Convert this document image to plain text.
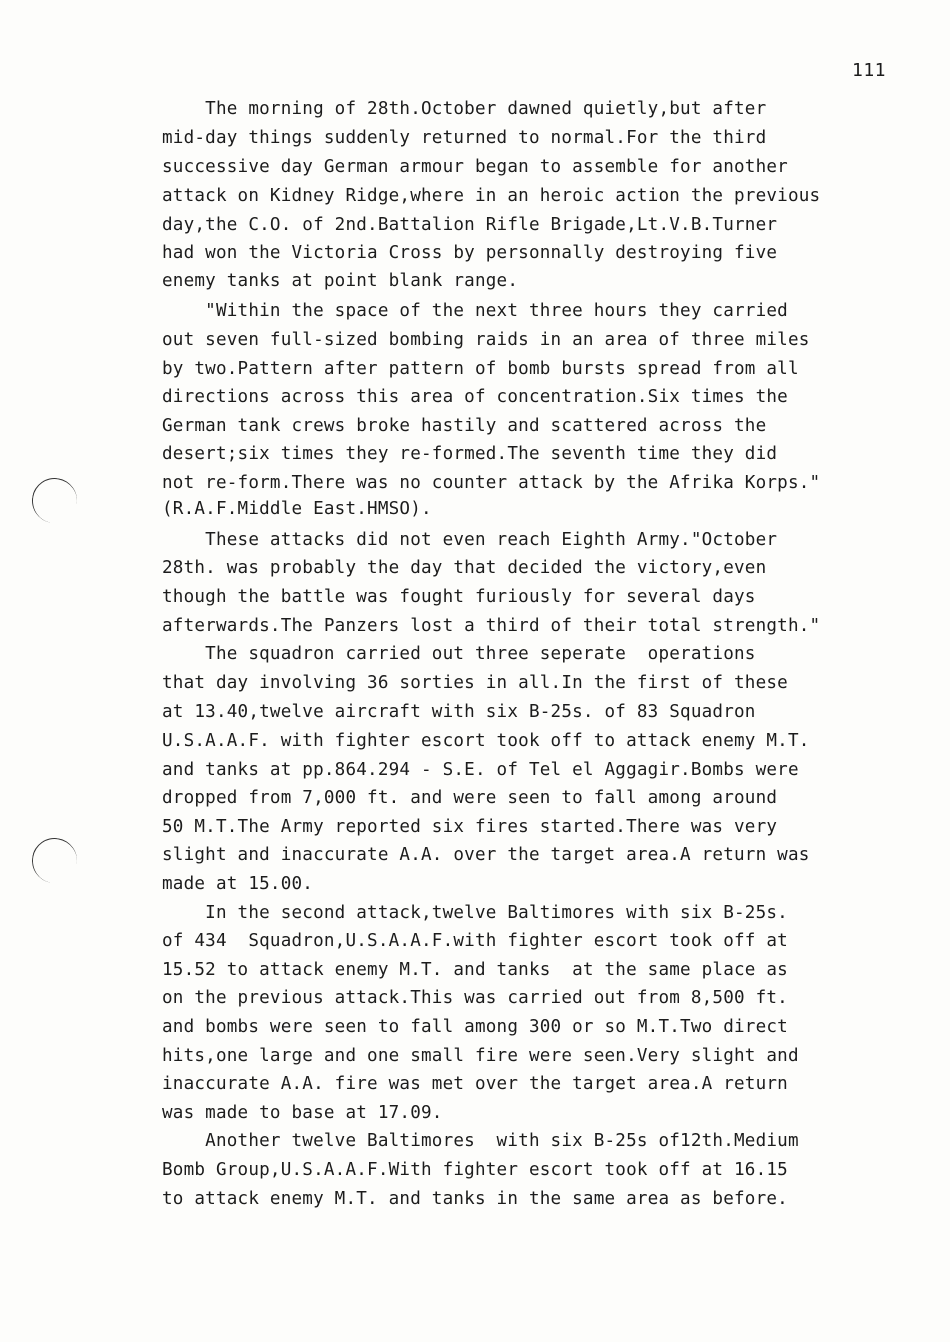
111
The morning of 28th.October dawned quietly,but after
mid-day things suddenly returned to normal.For the third
successive day German armour began to assemble for another
attack on Kidney Ridge,where in an heroic action the previous
day,the C.O. of 2nd.Battalion Rifle Brigade,Lt.V.B.Turner
had won the Victoria Cross by personnally destroying five
enemy tanks at point blank range.
"Within the space of the next three hours they carried
out seven full-sized bombing raids in an area of three miles
by two.Pattern after pattern of bomb bursts spread from all
directions across this area of concentration.Six times the
German tank crews broke hastily and scattered across the
desert;six times they re-formed.The seventh time they did
not re-form.There was no counter attack by the Afrika Korps."
(R.A.F.Middle East.HMSO).
These attacks did not even reach Eighth Army."October
28th. was probably the day that decided the victory,even
though the battle was fought furiously for several days
afterwards.The Panzers lost a third of their total strength."
The squadron carried out three seperate  operations
that day involving 36 sorties in all.In the first of these
at 13.40,twelve aircraft with six B-25s. of 83 Squadron
U.S.A.A.F. with fighter escort took off to attack enemy M.T.
and tanks at pp.864.294 - S.E. of Tel el Aggagir.Bombs were
dropped from 7,000 ft. and were seen to fall among around
50 M.T.The Army reported six fires started.There was very
slight and inaccurate A.A. over the target area.A return was
made at 15.00.
In the second attack,twelve Baltimores with six B-25s.
of 434  Squadron,U.S.A.A.F.with fighter escort took off at
15.52 to attack enemy M.T. and tanks  at the same place as
on the previous attack.This was carried out from 8,500 ft.
and bombs were seen to fall among 300 or so M.T.Two direct
hits,one large and one small fire were seen.Very slight and
inaccurate A.A. fire was met over the target area.A return
was made to base at 17.09.
Another twelve Baltimores  with six B-25s of12th.Medium
Bomb Group,U.S.A.A.F.With fighter escort took off at 16.15
to attack enemy M.T. and tanks in the same area as before.
